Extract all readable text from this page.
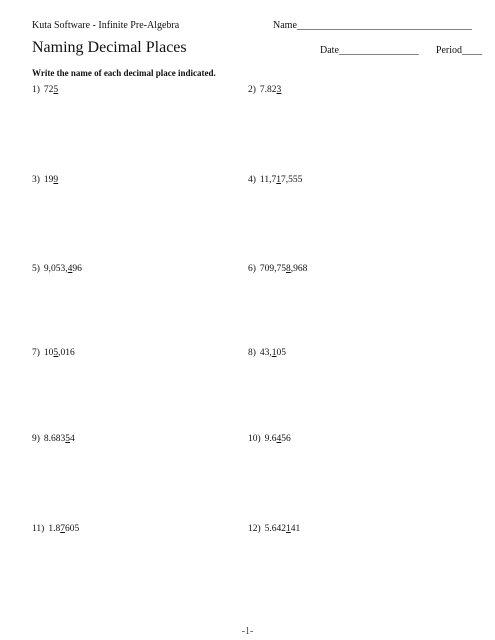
Kuta Software - Infinite Pre-Algebra	Name___________________________________
Naming Decimal Places	Date________________ Period____
Write the name of each decimal place indicated.
1) 725	2) 7.823
3) 199	4) 11,717,555
5) 9,053,496	6) 709,758,968
7) 105,016	8) 43,105
9) 8.68354	10) 9.6456
11) 1.87605	12) 5.642141
-1-
